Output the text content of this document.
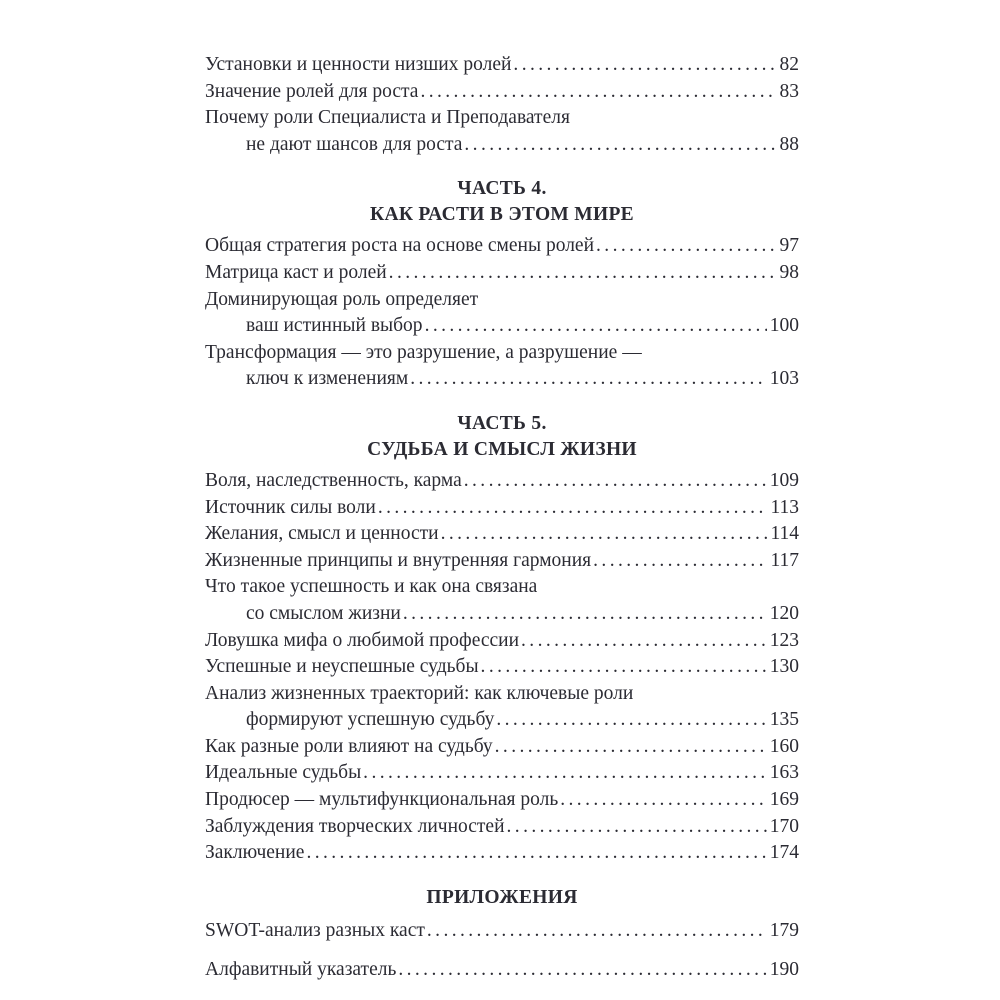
Установки и ценности низших ролей .....	82
Значение ролей для роста .....	83
Почему роли Специалиста и Преподавателя
не дают шансов для роста .....	88
ЧАСТЬ 4.
КАК РАСТИ В ЭТОМ МИРЕ
Общая стратегия роста на основе смены ролей .....	97
Матрица каст и ролей .....	98
Доминирующая роль определяет
ваш истинный выбор .....	100
Трансформация — это разрушение, а разрушение —
ключ к изменениям .....	103
ЧАСТЬ 5.
СУДЬБА И СМЫСЛ ЖИЗНИ
Воля, наследственность, карма .....	109
Источник силы воли .....	113
Желания, смысл и ценности .....	114
Жизненные принципы и внутренняя гармония .....	117
Что такое успешность и как она связана
со смыслом жизни .....	120
Ловушка мифа о любимой профессии .....	123
Успешные и неуспешные судьбы .....	130
Анализ жизненных траекторий: как ключевые роли
формируют успешную судьбу .....	135
Как разные роли влияют на судьбу .....	160
Идеальные судьбы .....	163
Продюсер — мультифункциональная роль .....	169
Заблуждения творческих личностей .....	170
Заключение .....	174
ПРИЛОЖЕНИЯ
SWOT-анализ разных каст .....	179
Алфавитный указатель .....	190
